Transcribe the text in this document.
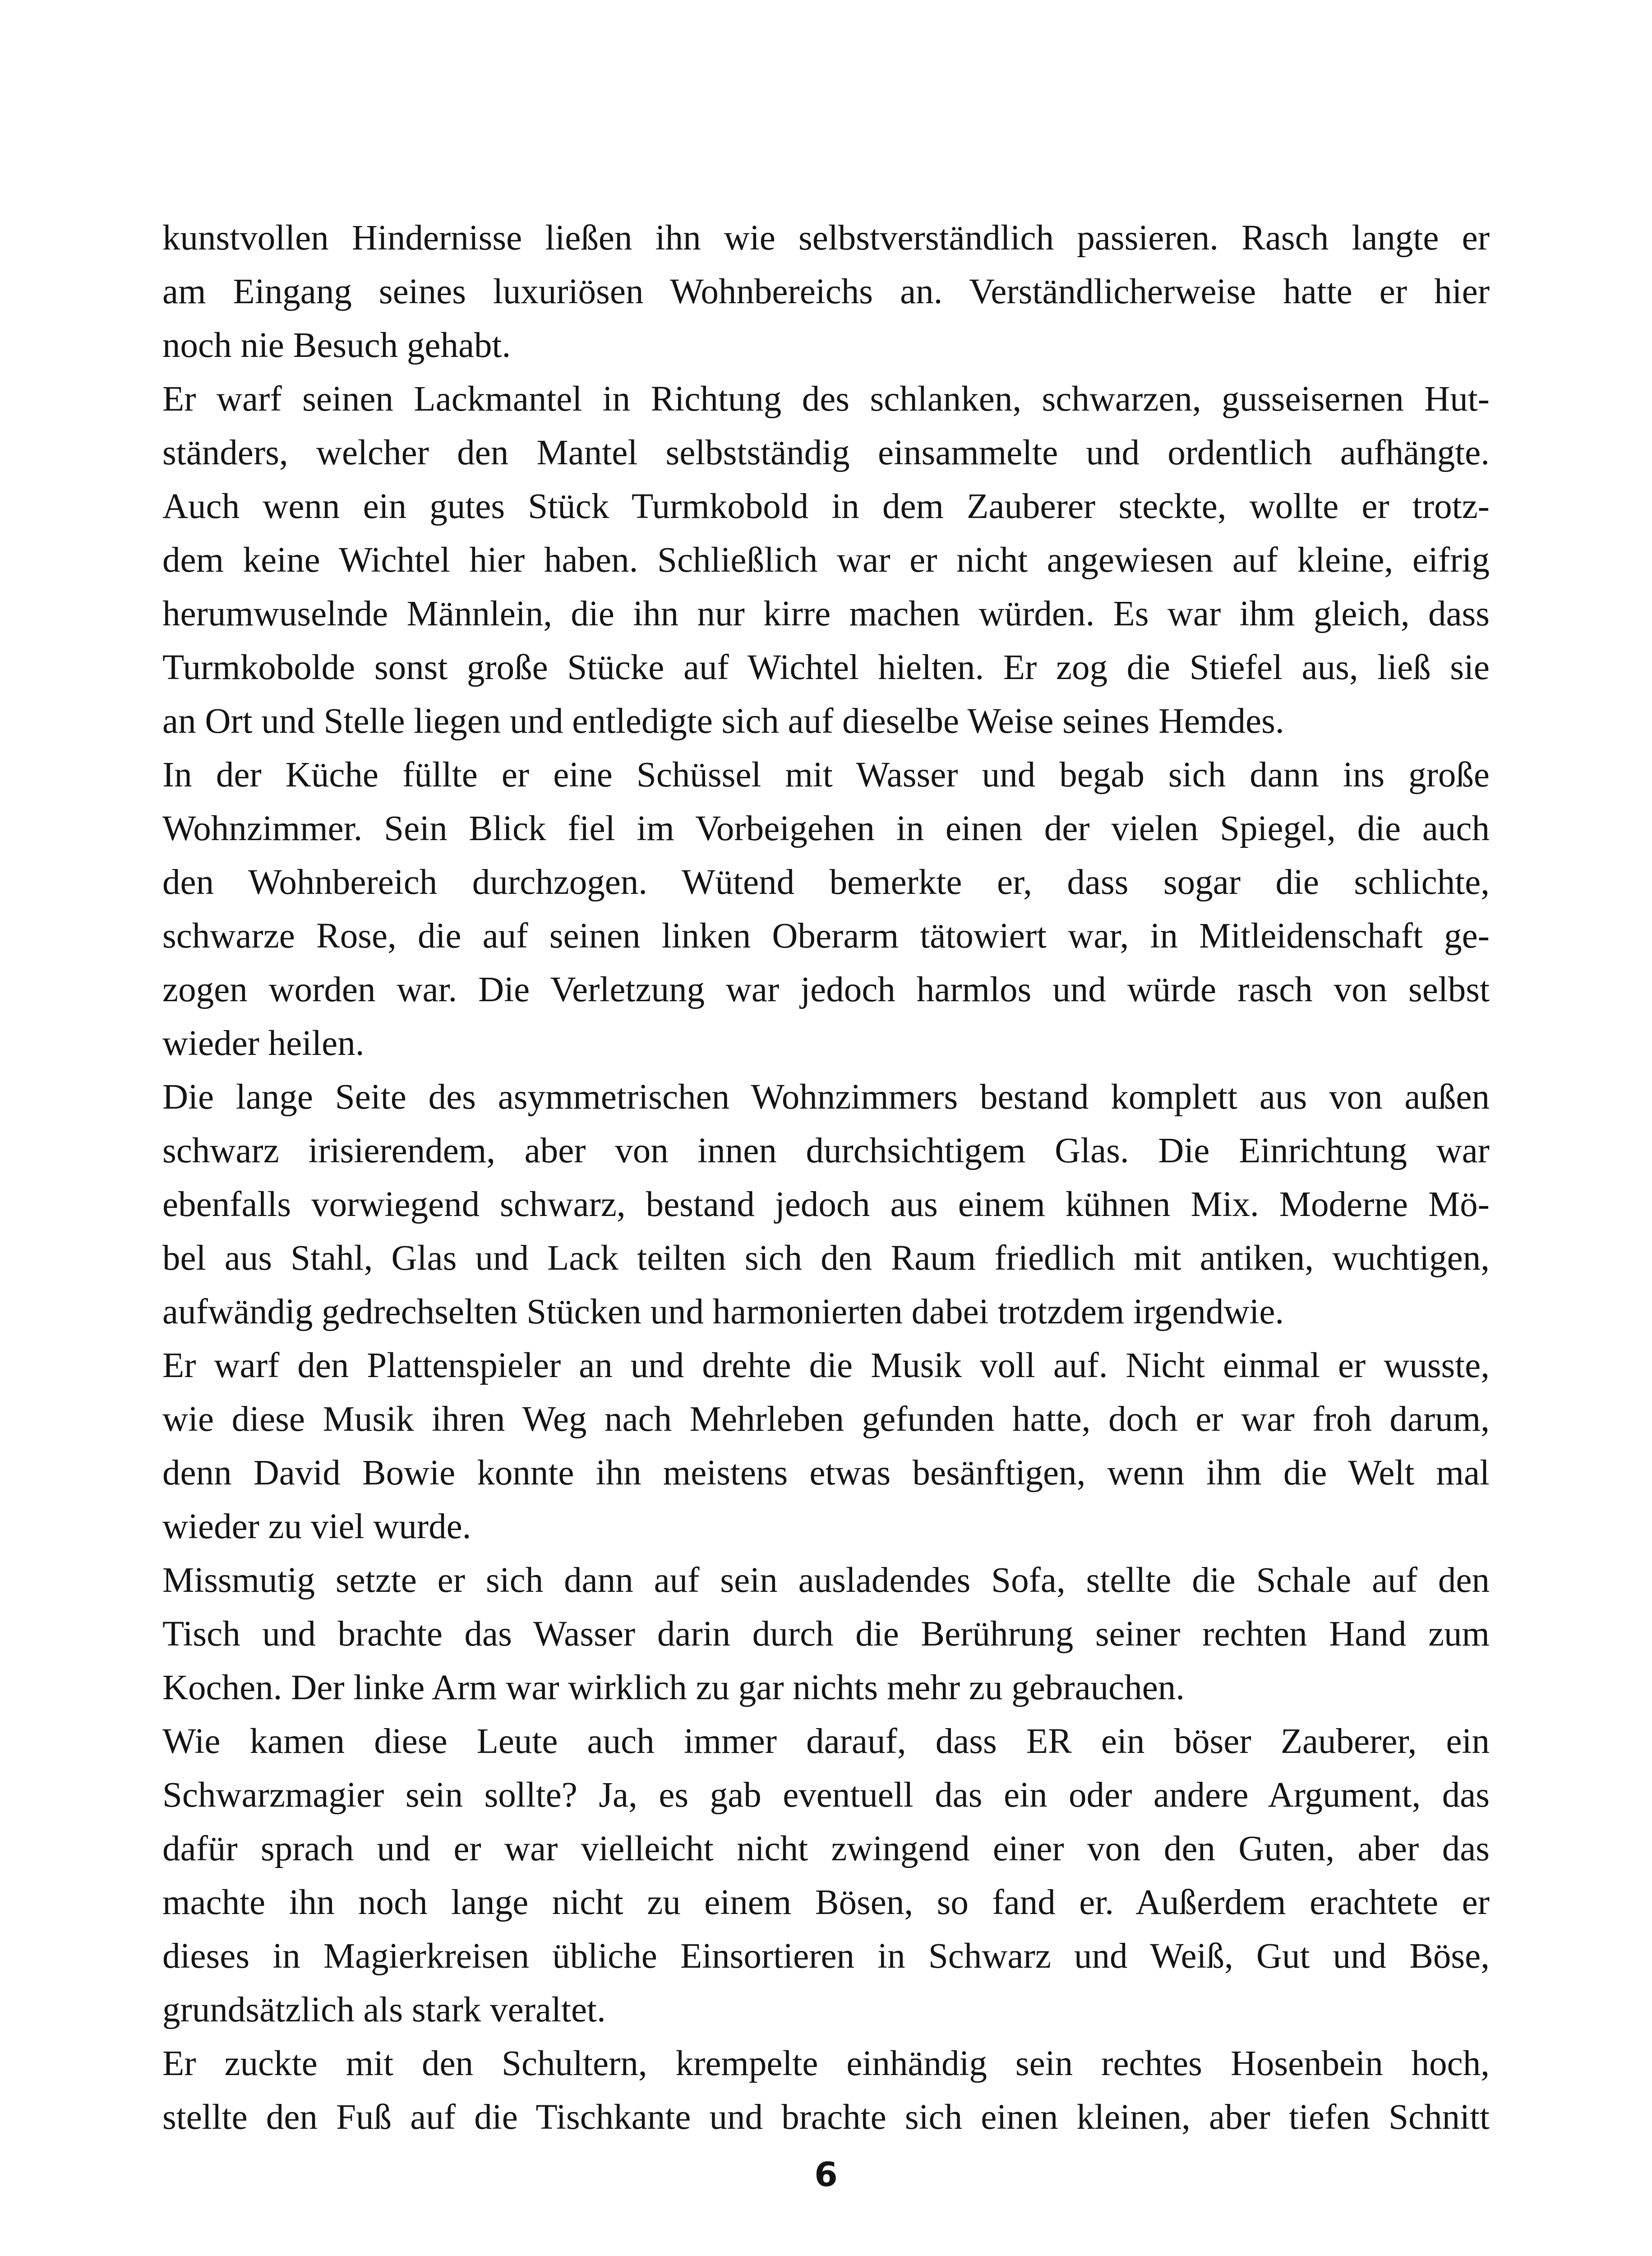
kunstvollen Hindernisse ließen ihn wie selbstverständlich passieren. Rasch langte er
am Eingang seines luxuriösen Wohnbereichs an. Verständlicherweise hatte er hier
noch nie Besuch gehabt.
Er warf seinen Lackmantel in Richtung des schlanken, schwarzen, gusseisernen Hut-
ständers, welcher den Mantel selbstständig einsammelte und ordentlich aufhängte.
Auch wenn ein gutes Stück Turmkobold in dem Zauberer steckte, wollte er trotz-
dem keine Wichtel hier haben. Schließlich war er nicht angewiesen auf kleine, eifrig
herumwuselnde Männlein, die ihn nur kirre machen würden. Es war ihm gleich, dass
Turmkobolde sonst große Stücke auf Wichtel hielten. Er zog die Stiefel aus, ließ sie
an Ort und Stelle liegen und entledigte sich auf dieselbe Weise seines Hemdes.
In der Küche füllte er eine Schüssel mit Wasser und begab sich dann ins große
Wohnzimmer. Sein Blick fiel im Vorbeigehen in einen der vielen Spiegel, die auch
den Wohnbereich durchzogen. Wütend bemerkte er, dass sogar die schlichte,
schwarze Rose, die auf seinen linken Oberarm tätowiert war, in Mitleidenschaft ge-
zogen worden war. Die Verletzung war jedoch harmlos und würde rasch von selbst
wieder heilen.
Die lange Seite des asymmetrischen Wohnzimmers bestand komplett aus von außen
schwarz irisierendem, aber von innen durchsichtigem Glas. Die Einrichtung war
ebenfalls vorwiegend schwarz, bestand jedoch aus einem kühnen Mix. Moderne Mö-
bel aus Stahl, Glas und Lack teilten sich den Raum friedlich mit antiken, wuchtigen,
aufwändig gedrechselten Stücken und harmonierten dabei trotzdem irgendwie.
Er warf den Plattenspieler an und drehte die Musik voll auf. Nicht einmal er wusste,
wie diese Musik ihren Weg nach Mehrleben gefunden hatte, doch er war froh darum,
denn David Bowie konnte ihn meistens etwas besänftigen, wenn ihm die Welt mal
wieder zu viel wurde.
Missmutig setzte er sich dann auf sein ausladendes Sofa, stellte die Schale auf den
Tisch und brachte das Wasser darin durch die Berührung seiner rechten Hand zum
Kochen. Der linke Arm war wirklich zu gar nichts mehr zu gebrauchen.
Wie kamen diese Leute auch immer darauf, dass ER ein böser Zauberer, ein
Schwarzmagier sein sollte? Ja, es gab eventuell das ein oder andere Argument, das
dafür sprach und er war vielleicht nicht zwingend einer von den Guten, aber das
machte ihn noch lange nicht zu einem Bösen, so fand er. Außerdem erachtete er
dieses in Magierkreisen übliche Einsortieren in Schwarz und Weiß, Gut und Böse,
grundsätzlich als stark veraltet.
Er zuckte mit den Schultern, krempelte einhändig sein rechtes Hosenbein hoch,
stellte den Fuß auf die Tischkante und brachte sich einen kleinen, aber tiefen Schnitt
6
